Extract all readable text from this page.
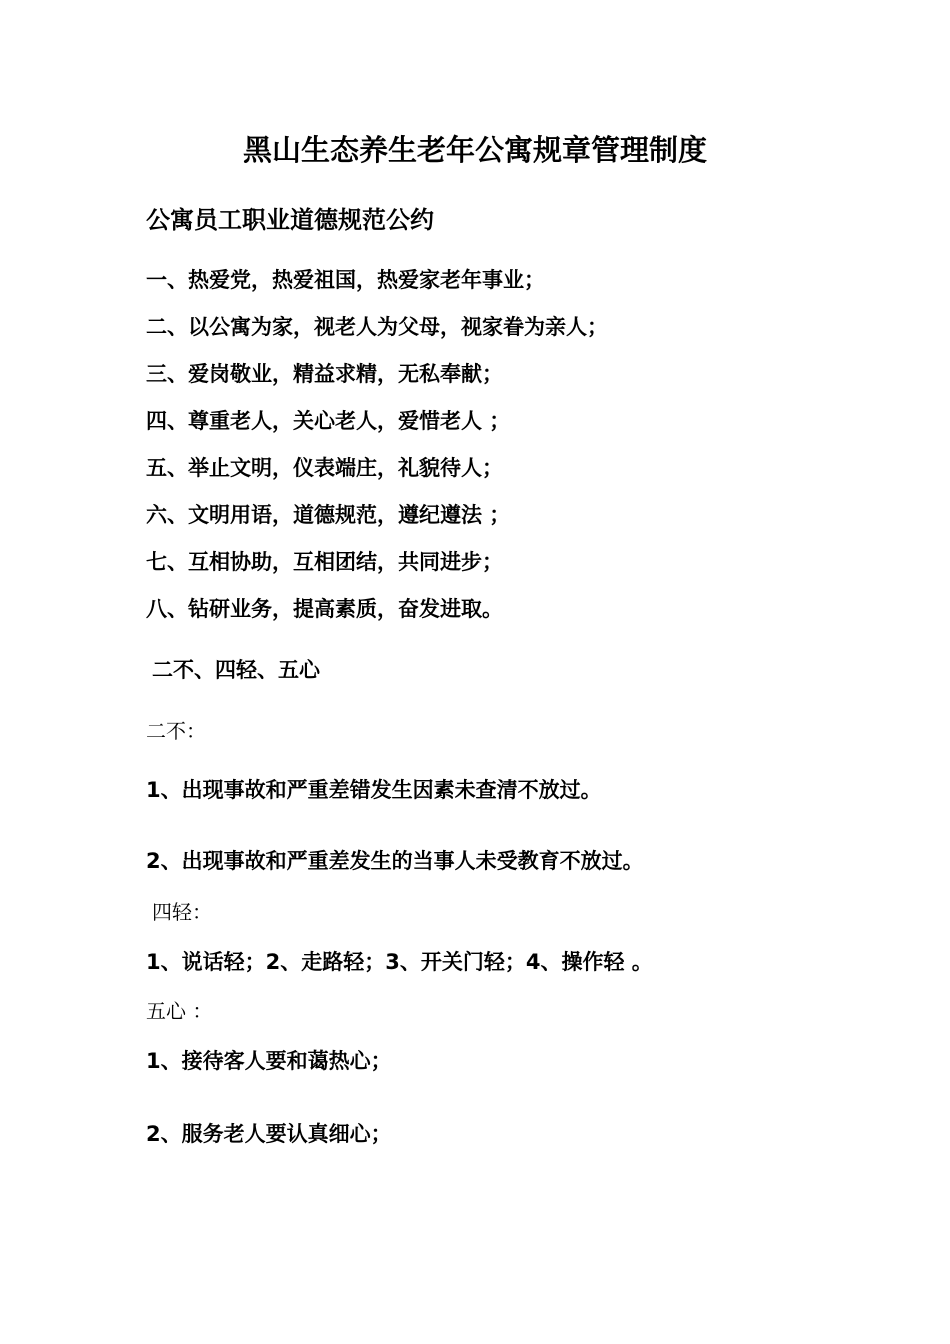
黑山生态养生老年公寓规章管理制度
公寓员工职业道德规范公约
一、热爱党，热爱祖国，热爱家老年事业；
二、以公寓为家，视老人为父母，视家眷为亲人；
三、爱岗敬业，精益求精，无私奉献；
四、尊重老人，关心老人，爱惜老人 ；
五、举止文明，仪表端庄，礼貌待人；
六、文明用语，道德规范，遵纪遵法 ；
七、互相协助，互相团结，共同进步；
八、钻研业务，提高素质，奋发进取。
二不、四轻、五心
二不：
1、出现事故和严重差错发生因素未查清不放过。
2、出现事故和严重差发生的当事人未受教育不放过。
四轻：
1、说话轻；2、走路轻；3、开关门轻；4、操作轻 。
五心 ：
1、接待客人要和蔼热心；
2、服务老人要认真细心；
